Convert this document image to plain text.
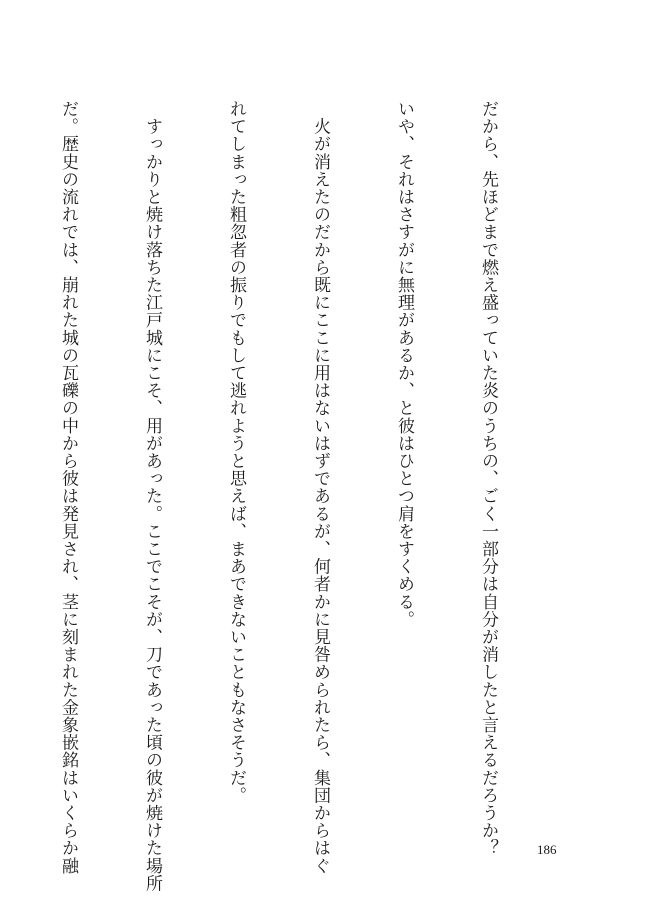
だから、先ほどまで燃え盛っていた炎のうちの、ごく一部分は自分が消したと言えるだろうか？

いや、それはさすがに無理があるか、と彼はひとつ肩をすくめる。

　火が消えたのだから既にここに用はないはずであるが、何者かに見咎められたら、集団からはぐ

れてしまった粗忽者の振りでもして逃れようと思えば、まあできないこともなさそうだ。

　すっかりと焼け落ちた江戸城にこそ、用があった。ここでこそが、刀であった頃の彼が焼けた場所

だ。歴史の流れでは、崩れた城の瓦礫の中から彼は発見され、茎に刻まれた金象嵌銘はいくらか融

	186
